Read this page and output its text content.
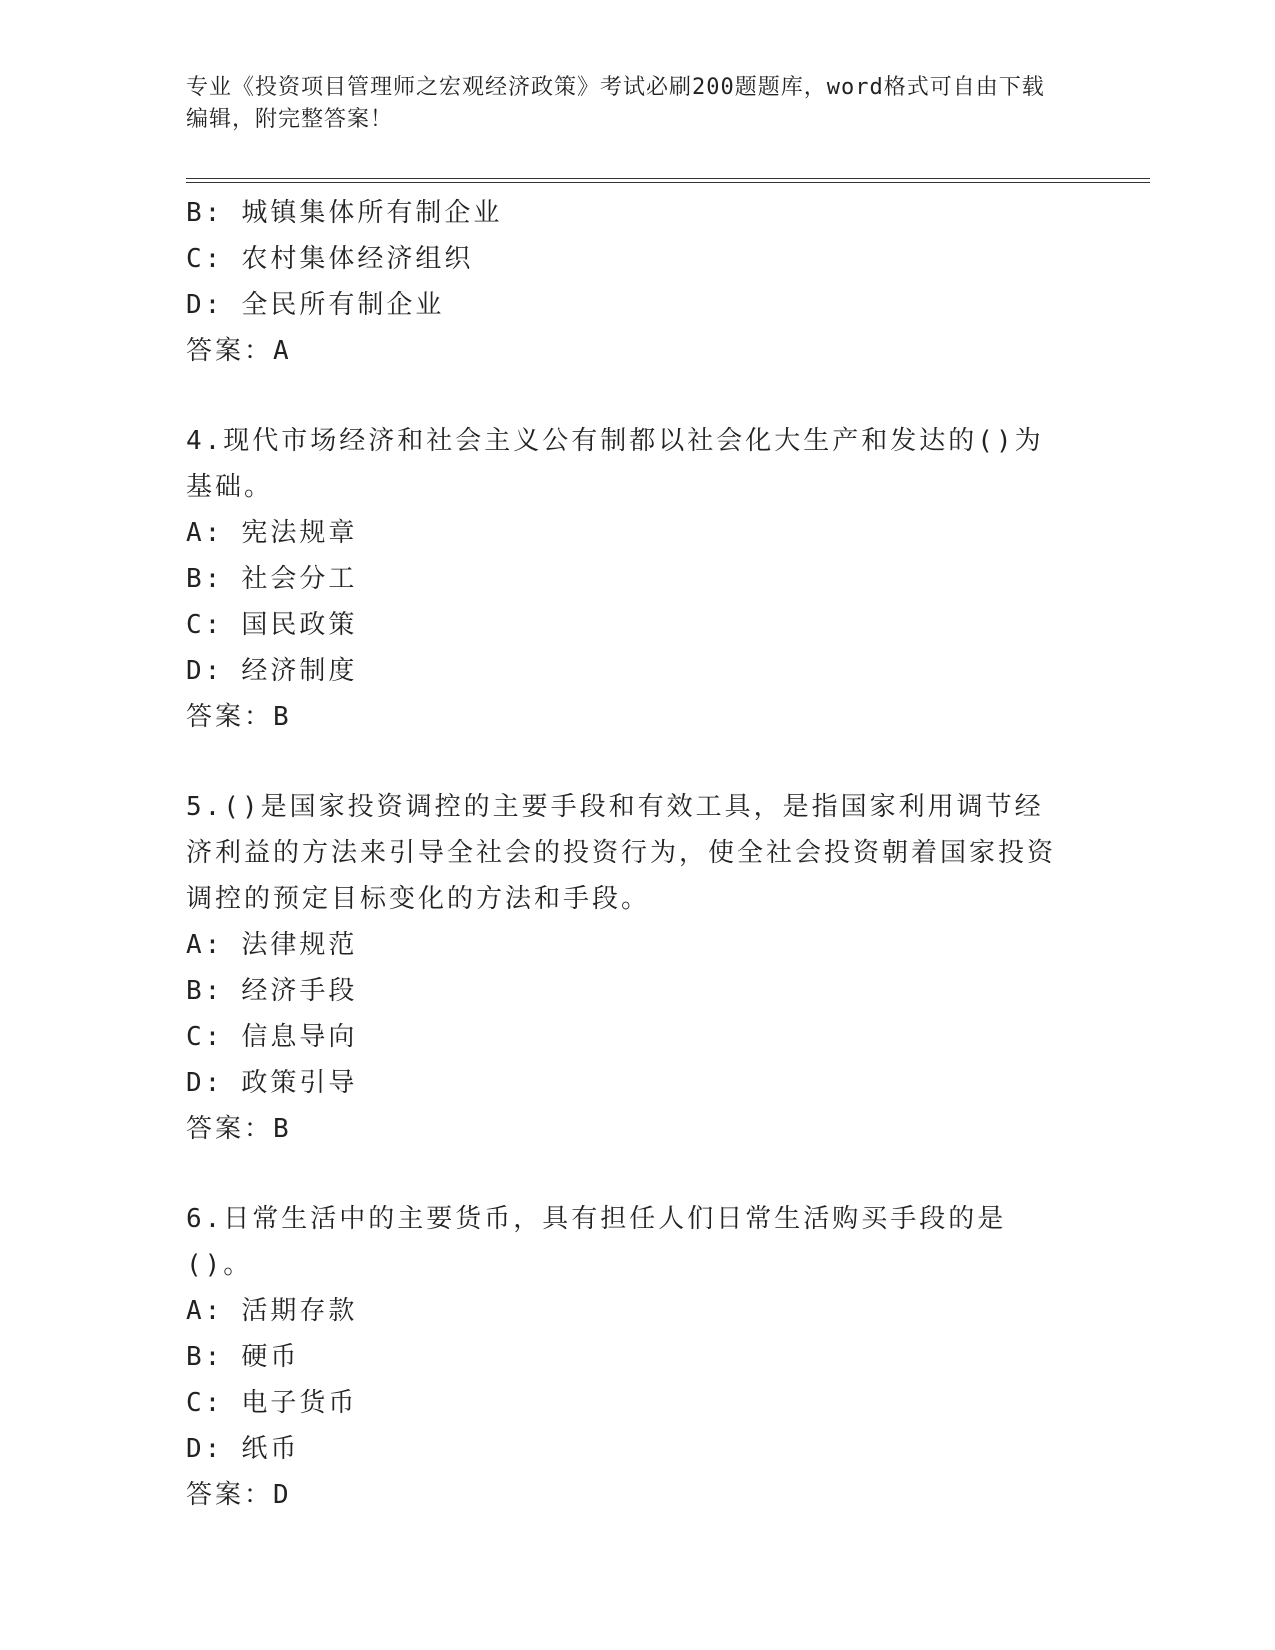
专业《投资项目管理师之宏观经济政策》考试必刷200题题库，word格式可自由下载编辑，附完整答案！
B: 城镇集体所有制企业
C: 农村集体经济组织
D: 全民所有制企业
答案：A
4.现代市场经济和社会主义公有制都以社会化大生产和发达的()为基础。
A: 宪法规章
B: 社会分工
C: 国民政策
D: 经济制度
答案：B
5.()是国家投资调控的主要手段和有效工具，是指国家利用调节经济利益的方法来引导全社会的投资行为，使全社会投资朝着国家投资调控的预定目标变化的方法和手段。
A: 法律规范
B: 经济手段
C: 信息导向
D: 政策引导
答案：B
6.日常生活中的主要货币，具有担任人们日常生活购买手段的是()。
A: 活期存款
B: 硬币
C: 电子货币
D: 纸币
答案：D
